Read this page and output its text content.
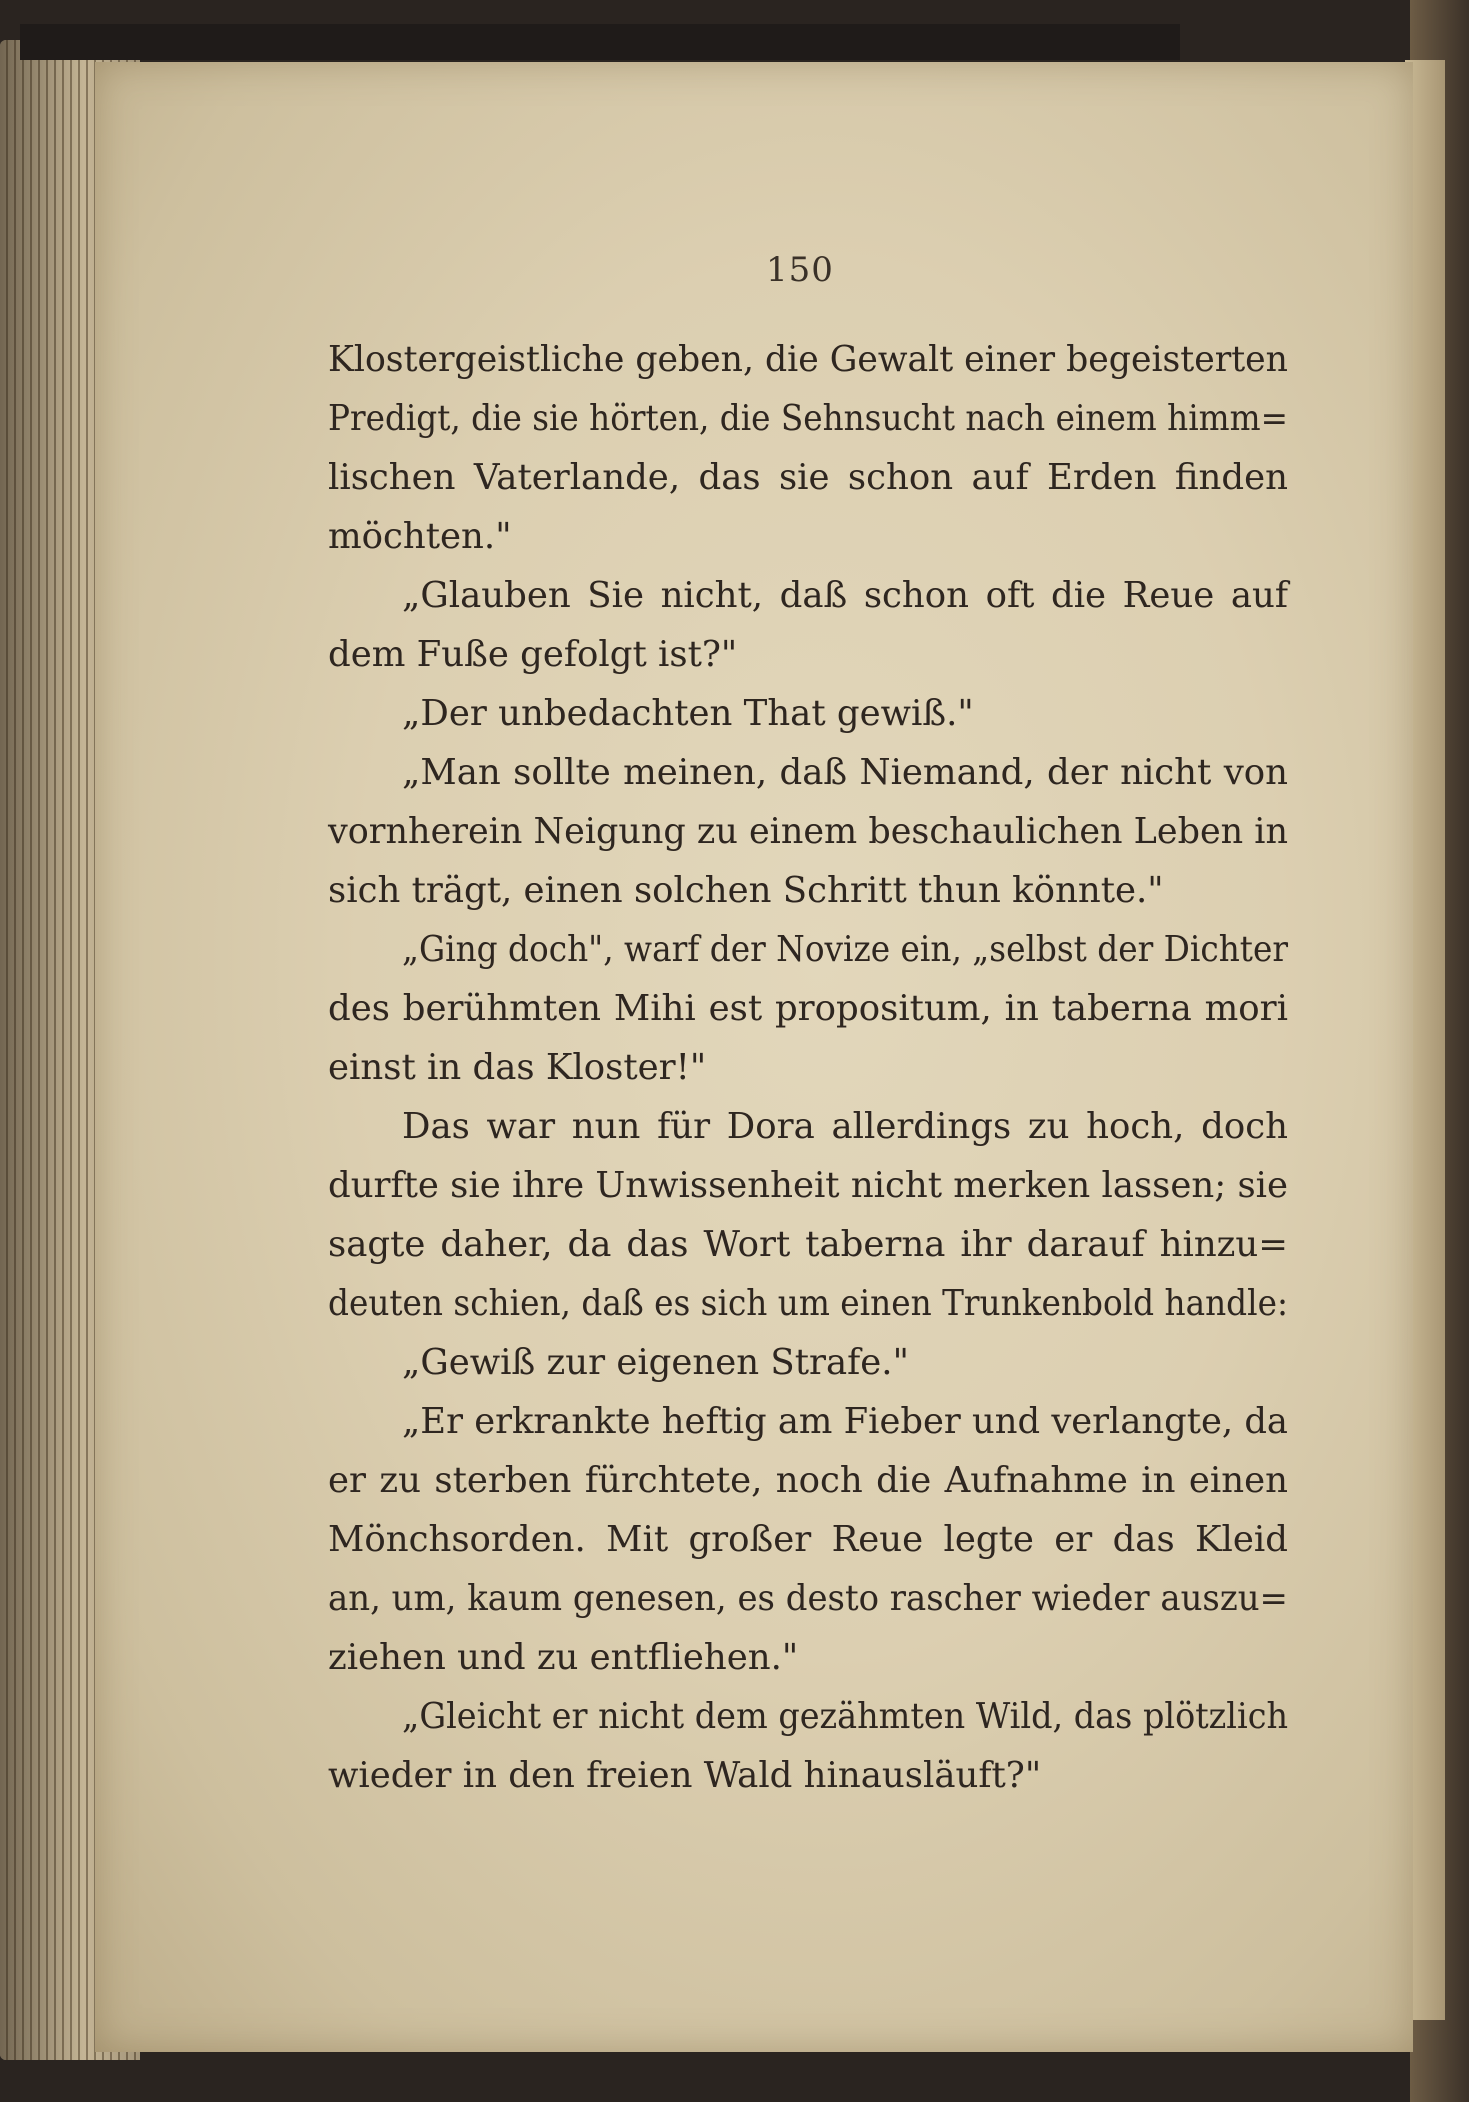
150
Klostergeistliche geben, die Gewalt einer begeisterten
Predigt, die sie hörten, die Sehnsucht nach einem himm=
lischen Vaterlande, das sie schon auf Erden finden
möchten."
„Glauben Sie nicht, daß schon oft die Reue auf
dem Fuße gefolgt ist?"
„Der unbedachten That gewiß."
„Man sollte meinen, daß Niemand, der nicht von
vornherein Neigung zu einem beschaulichen Leben in
sich trägt, einen solchen Schritt thun könnte."
„Ging doch", warf der Novize ein, „selbst der Dichter
des berühmten Mihi est propositum, in taberna mori
einst in das Kloster!"
Das war nun für Dora allerdings zu hoch, doch
durfte sie ihre Unwissenheit nicht merken lassen; sie
sagte daher, da das Wort taberna ihr darauf hinzu=
deuten schien, daß es sich um einen Trunkenbold handle:
„Gewiß zur eigenen Strafe."
„Er erkrankte heftig am Fieber und verlangte, da
er zu sterben fürchtete, noch die Aufnahme in einen
Mönchsorden. Mit großer Reue legte er das Kleid
an, um, kaum genesen, es desto rascher wieder auszu=
ziehen und zu entfliehen."
„Gleicht er nicht dem gezähmten Wild, das plötzlich
wieder in den freien Wald hinausläuft?"
